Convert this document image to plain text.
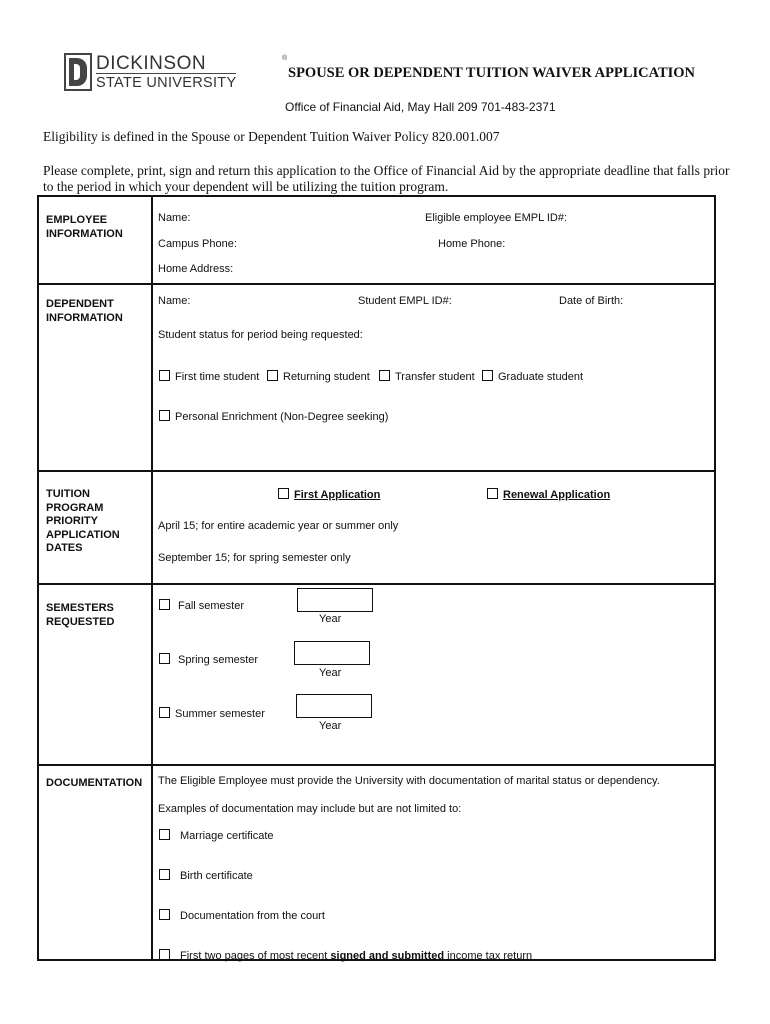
DICKINSON	®
STATE UNIVERSITY
SPOUSE OR DEPENDENT TUITION WAIVER APPLICATION
Office of Financial Aid, May Hall 209 701-483-2371
Eligibility is defined in the Spouse or Dependent Tuition Waiver Policy 820.001.007
Please complete, print, sign and return this application to the Office of Financial Aid by the appropriate deadline that falls prior to the period in which your dependent will be utilizing the tuition program.
EMPLOYEE INFORMATION
Name:	Eligible employee EMPL ID#:
Campus Phone:	Home Phone:
Home Address:
DEPENDENT INFORMATION
Name:	Student EMPL ID#:	Date of Birth:
Student status for period being requested:
First time student	Returning student	Transfer student	Graduate student
Personal Enrichment (Non-Degree seeking)
TUITION PROGRAM PRIORITY APPLICATION DATES
First Application	Renewal Application
April 15; for entire academic year or summer only
September 15; for spring semester only
SEMESTERS REQUESTED
Fall semester
Year
Spring semester
Year
Summer semester
Year
DOCUMENTATION	The Eligible Employee must provide the University with documentation of marital status or dependency.
Examples of documentation may include but are not limited to:
Marriage certificate
Birth certificate
Documentation from the court
First two pages of most recent signed and submitted income tax return
